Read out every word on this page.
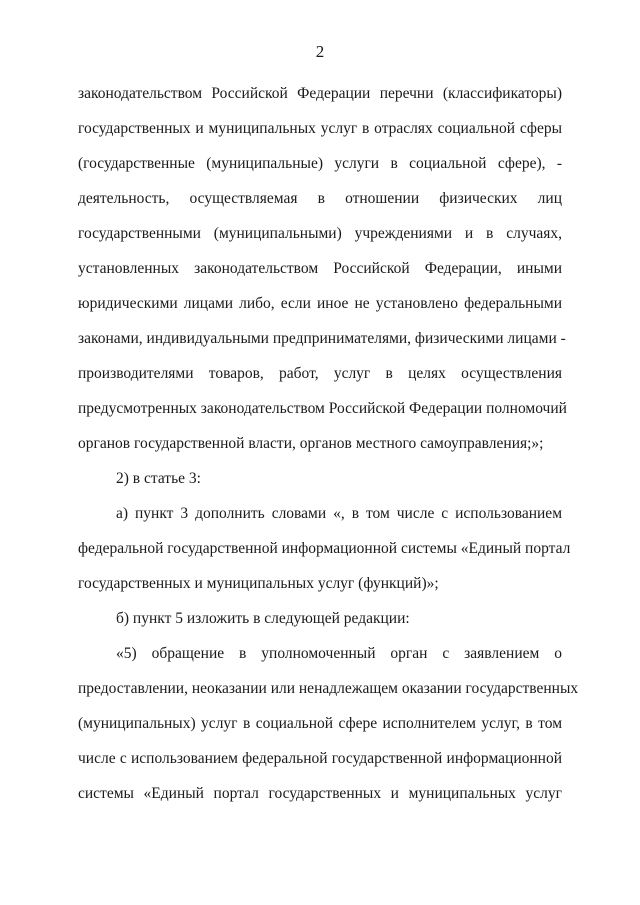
2
законодательством Российской Федерации перечни (классификаторы)
государственных и муниципальных услуг в отраслях социальной сферы
(государственные (муниципальные) услуги в социальной сфере), -
деятельность, осуществляемая в отношении физических лиц
государственными (муниципальными) учреждениями и в случаях,
установленных законодательством Российской Федерации, иными
юридическими лицами либо, если иное не установлено федеральными
законами, индивидуальными предпринимателями, физическими лицами -
производителями товаров, работ, услуг в целях осуществления
предусмотренных законодательством Российской Федерации полномочий
органов государственной власти, органов местного самоуправления;»;
2) в статье 3:
а) пункт 3 дополнить словами «, в том числе с использованием
федеральной государственной информационной системы «Единый портал
государственных и муниципальных услуг (функций)»;
б) пункт 5 изложить в следующей редакции:
«5) обращение в уполномоченный орган с заявлением о
предоставлении, неоказании или ненадлежащем оказании государственных
(муниципальных) услуг в социальной сфере исполнителем услуг, в том
числе с использованием федеральной государственной информационной
системы «Единый портал государственных и муниципальных услуг
